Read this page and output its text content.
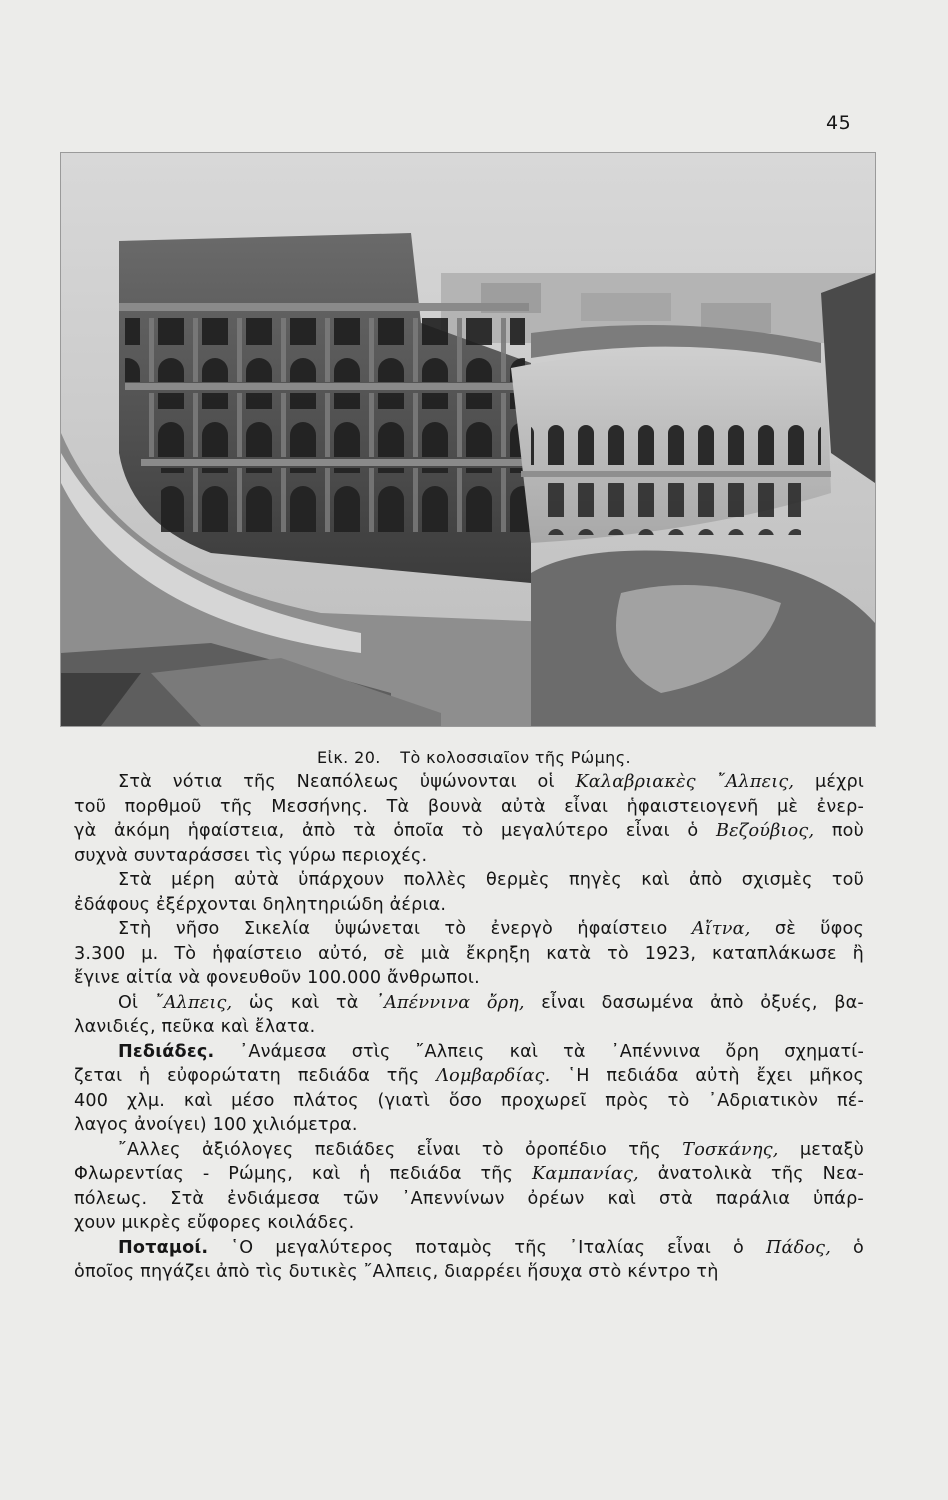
45
Εἰκ. 20. Τὸ κολοσσιαῖον τῆς Ρώμης.
Στὰ νότια τῆς Νεαπόλεως ὑψώνονται οἱ Καλαβριακὲς ῎Αλπεις, μέχρι
τοῦ πορθμοῦ τῆς Μεσσήνης. Τὰ βουνὰ αὐτὰ εἶναι ἡφαιστειογενῆ μὲ ἐνερ-
γὰ ἀκόμη ἡφαίστεια, ἀπὸ τὰ ὁποῖα τὸ μεγαλύτερο εἶναι ὁ Βεζούβιος, ποὺ
συχνὰ συνταράσσει τὶς γύρω περιοχές.
Στὰ μέρη αὐτὰ ὑπάρχουν πολλὲς θερμὲς πηγὲς καὶ ἀπὸ σχισμὲς τοῦ
ἐδάφους ἐξέρχονται δηλητηριώδη ἀέρια.
Στὴ νῆσο Σικελία ὑψώνεται τὸ ἐνεργὸ ἡφαίστειο Αἴτνα, σὲ ὕφος
3.300 μ. Τὸ ἡφαίστειο αὐτό, σὲ μιὰ ἔκρηξη κατὰ τὸ 1923, καταπλάκωσε ἢ
ἔγινε αἰτία νὰ φονευθοῦν 100.000 ἄνθρωποι.
Οἱ ῎Αλπεις, ὡς καὶ τὰ ᾿Απέννινα ὄρη, εἶναι δασωμένα ἀπὸ ὀξυές, βα-
λανιδιές, πεῦκα καὶ ἔλατα.
Πεδιάδες. ᾿Ανάμεσα στὶς ῎Αλπεις καὶ τὰ ᾿Απέννινα ὄρη σχηματί-
ζεται ἡ εὐφορώτατη πεδιάδα τῆς Λομβαρδίας. ῾Η πεδιάδα αὐτὴ ἔχει μῆκος
400 χλμ. καὶ μέσο πλάτος (γιατὶ ὅσο προχωρεῖ πρὸς τὸ ᾿Αδριατικὸν πέ-
λαγος ἀνοίγει) 100 χιλιόμετρα.
῎Αλλες ἀξιόλογες πεδιάδες εἶναι τὸ ὀροπέδιο τῆς Τοσκάνης, μεταξὺ
Φλωρεντίας - Ρώμης, καὶ ἡ πεδιάδα τῆς Καμπανίας, ἀνατολικὰ τῆς Νεα-
πόλεως. Στὰ ἐνδιάμεσα τῶν ᾿Απεννίνων ὀρέων καὶ στὰ παράλια ὑπάρ-
χουν μικρὲς εὔφορες κοιλάδες.
Ποταμοί. ῾Ο μεγαλύτερος ποταμὸς τῆς ᾿Ιταλίας εἶναι ὁ Πάδος, ὁ
ὁποῖος πηγάζει ἀπὸ τὶς δυτικὲς ῎Αλπεις, διαρρέει ἥσυχα στὸ κέντρο τὴ
